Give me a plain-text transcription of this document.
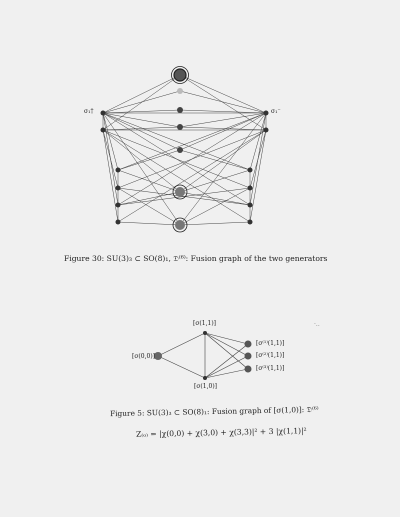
σ₁†	σ₁⁻
Figure 30: SU(3)₃ ⊂ SO(8)₁, 𝔇⁽⁶⁾: Fusion graph of the two generators
·..
[σ(1,1)]
[σ(1,0)]
[σ(0,0)]
[σ⁽¹⁾(1,1)]
[σ⁽²⁾(1,1)]
[σ⁽³⁾(1,1)]
Figure 5: SU(3)₃ ⊂ SO(8)₁: Fusion graph of [σ(1,0)]: 𝔇⁽⁶⁾
Z₍ₒ₎ = |χ(0,0) + χ(3,0) + χ(3,3)|² + 3 |χ(1,1)|²
